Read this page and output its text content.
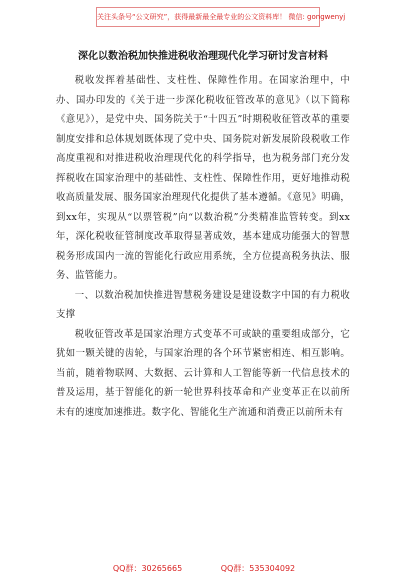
关注头条号“公文研究”，获得最新最全最专业的公文资料库！ 微信: gongwenyj
深化以数治税加快推进税收治理现代化学习研讨发言材料

税收发挥着基础性、支柱性、保障性作用。在国家治理中，中办、国办印发的《关于进一步深化税收征管改革的意见》（以下简称《意见》），是党中央、国务院关于“十四五”时期税收征管改革的重要制度安排和总体规划既体现了党中央、国务院对新发展阶段税收工作高度重视和对推进税收治理现代化的科学指导，也为税务部门充分发挥税收在国家治理中的基础性、支柱性、保障性作用，更好地推动税收高质量发展、服务国家治理现代化提供了基本遵循。《意见》明确，到xx年，实现从“以票管税”向“以数治税”分类精准监管转变。到xx年，深化税收征管制度改革取得显著成效，基本建成功能强大的智慧税务形成国内一流的智能化行政应用系统，全方位提高税务执法、服务、监管能力。

一、以数治税加快推进智慧税务建设是建设数字中国的有力税收支撑

税收征管改革是国家治理方式变革不可或缺的重要组成部分，它犹如一颗关键的齿轮，与国家治理的各个环节紧密相连、相互影响。当前，随着物联网、大数据、云计算和人工智能等新一代信息技术的普及运用，基于智能化的新一轮世界科技革命和产业变革正在以前所未有的速度加速推进。数字化、智能化生产流通和消费正以前所未有

QQ群：30265665	QQ群：535304092
